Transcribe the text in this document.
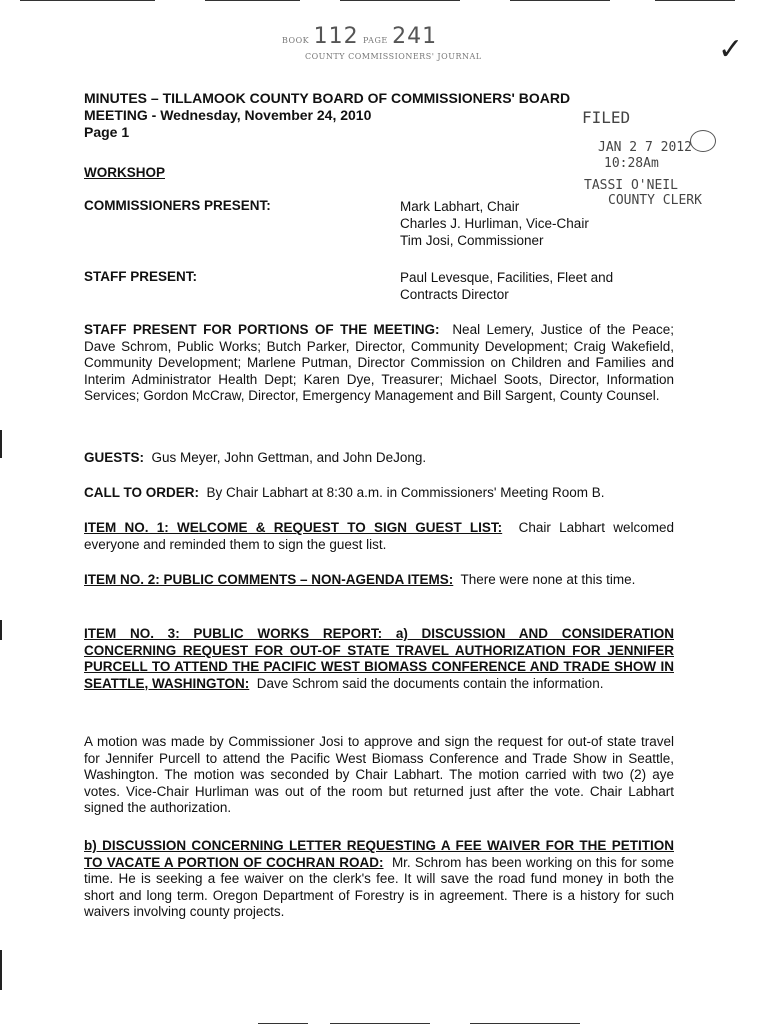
BOOK 112 PAGE 241
COUNTY COMMISSIONERS' JOURNAL	✓
MINUTES – TILLAMOOK COUNTY BOARD OF COMMISSIONERS' BOARD
MEETING - Wednesday, November 24, 2010
Page 1
FILED
JAN 2 7 2012
10:28Am
TASSI O'NEIL
COUNTY CLERK
WORKSHOP
COMMISSIONERS PRESENT:	Mark Labhart, Chair
Charles J. Hurliman, Vice-Chair
Tim Josi, Commissioner
STAFF PRESENT:	Paul Levesque, Facilities, Fleet and
Contracts Director
STAFF PRESENT FOR PORTIONS OF THE MEETING: Neal Lemery, Justice of the Peace; Dave Schrom, Public Works; Butch Parker, Director, Community Development; Craig Wakefield, Community Development; Marlene Putman, Director Commission on Children and Families and Interim Administrator Health Dept; Karen Dye, Treasurer; Michael Soots, Director, Information Services; Gordon McCraw, Director, Emergency Management and Bill Sargent, County Counsel.
GUESTS: Gus Meyer, John Gettman, and John DeJong.
CALL TO ORDER: By Chair Labhart at 8:30 a.m. in Commissioners' Meeting Room B.
ITEM NO. 1: WELCOME & REQUEST TO SIGN GUEST LIST: Chair Labhart welcomed everyone and reminded them to sign the guest list.
ITEM NO. 2: PUBLIC COMMENTS – NON-AGENDA ITEMS: There were none at this time.
ITEM NO. 3: PUBLIC WORKS REPORT: a) DISCUSSION AND CONSIDERATION CONCERNING REQUEST FOR OUT-OF STATE TRAVEL AUTHORIZATION FOR JENNIFER PURCELL TO ATTEND THE PACIFIC WEST BIOMASS CONFERENCE AND TRADE SHOW IN SEATTLE, WASHINGTON: Dave Schrom said the documents contain the information.
A motion was made by Commissioner Josi to approve and sign the request for out-of state travel for Jennifer Purcell to attend the Pacific West Biomass Conference and Trade Show in Seattle, Washington. The motion was seconded by Chair Labhart. The motion carried with two (2) aye votes. Vice-Chair Hurliman was out of the room but returned just after the vote. Chair Labhart signed the authorization.
b) DISCUSSION CONCERNING LETTER REQUESTING A FEE WAIVER FOR THE PETITION TO VACATE A PORTION OF COCHRAN ROAD: Mr. Schrom has been working on this for some time. He is seeking a fee waiver on the clerk's fee. It will save the road fund money in both the short and long term. Oregon Department of Forestry is in agreement. There is a history for such waivers involving county projects.
